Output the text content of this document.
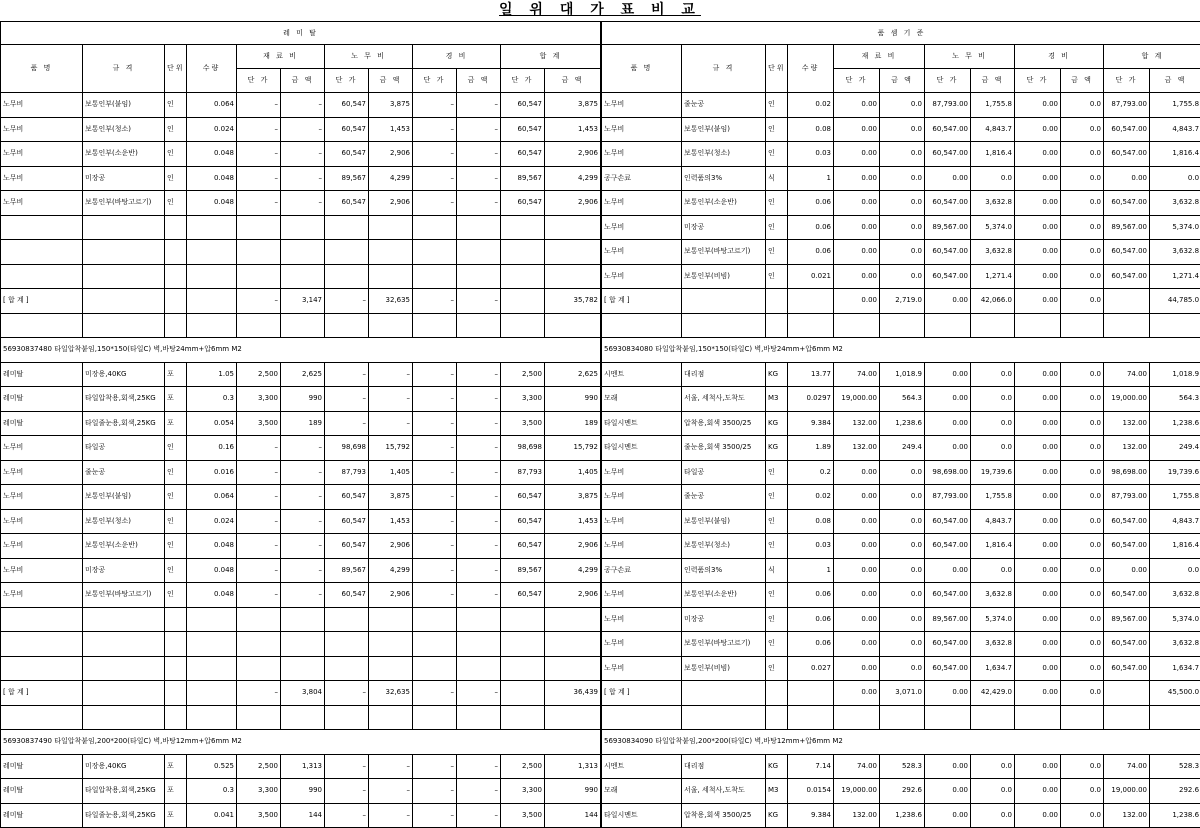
일 위 대 가 표 비 교
레 미 탈											
품 명	규 격	단위	수량	재 료 비		노 무 비		경 비		합 계	
				단 가	금 액	단 가	금 액	단 가	금 액	단 가	금 액
노무비	보통인부(붙임)	인	0.064	–	–	60,547	3,875	–	–	60,547	3,875
노무비	보통인부(청소)	인	0.024	–	–	60,547	1,453	–	–	60,547	1,453
노무비	보통인부(소운반)	인	0.048	–	–	60,547	2,906	–	–	60,547	2,906
노무비	미장공	인	0.048	–	–	89,567	4,299	–	–	89,567	4,299
노무비	보통인부(바탕고르기)	인	0.048	–	–	60,547	2,906	–	–	60,547	2,906

[ 합 계 ]				–	3,147	–	32,635	–	–		35,782

56930837480 타일압착붙임,150*150(타일C) 벽,바탕24mm+압6mm M2											
레미탈	미장용,40KG	포	1.05	2,500	2,625	–	–	–	–	2,500	2,625
레미탈	타일압착용,회색,25KG	포	0.3	3,300	990	–	–	–	–	3,300	990
레미탈	타일줄눈용,회색,25KG	포	0.054	3,500	189	–	–	–	–	3,500	189
노무비	타일공	인	0.16	–	–	98,698	15,792	–	–	98,698	15,792
노무비	줄눈공	인	0.016	–	–	87,793	1,405	–	–	87,793	1,405
노무비	보통인부(붙임)	인	0.064	–	–	60,547	3,875	–	–	60,547	3,875
노무비	보통인부(청소)	인	0.024	–	–	60,547	1,453	–	–	60,547	1,453
노무비	보통인부(소운반)	인	0.048	–	–	60,547	2,906	–	–	60,547	2,906
노무비	미장공	인	0.048	–	–	89,567	4,299	–	–	89,567	4,299
노무비	보통인부(바탕고르기)	인	0.048	–	–	60,547	2,906	–	–	60,547	2,906

[ 합 계 ]				–	3,804	–	32,635	–	–		36,439

56930837490 타일압착붙임,200*200(타일C) 벽,바탕12mm+압6mm M2											
레미탈	미장용,40KG	포	0.525	2,500	1,313	–	–	–	–	2,500	1,313
레미탈	타일압착용,회색,25KG	포	0.3	3,300	990	–	–	–	–	3,300	990
레미탈	타일줄눈용,회색,25KG	포	0.041	3,500	144	–	–	–	–	3,500	144
품 셈 기 준											
품 명	규 격	단위	수량	재 료 비		노 무 비		경 비		합 계	
				단 가	금 액	단 가	금 액	단 가	금 액	단 가	금 액
노무비	줄눈공	인	0.02	0.00	0.0	87,793.00	1,755.8	0.00	0.0	87,793.00	1,755.8
노무비	보통인부(붙임)	인	0.08	0.00	0.0	60,547.00	4,843.7	0.00	0.0	60,547.00	4,843.7
노무비	보통인부(청소)	인	0.03	0.00	0.0	60,547.00	1,816.4	0.00	0.0	60,547.00	1,816.4
공구손료	인력품의3%	식	1	0.00	0.0	0.00	0.0	0.00	0.0	0.00	0.0
노무비	보통인부(소운반)	인	0.06	0.00	0.0	60,547.00	3,632.8	0.00	0.0	60,547.00	3,632.8
노무비	미장공	인	0.06	0.00	0.0	89,567.00	5,374.0	0.00	0.0	89,567.00	5,374.0
노무비	보통인부(바탕고르기)	인	0.06	0.00	0.0	60,547.00	3,632.8	0.00	0.0	60,547.00	3,632.8
노무비	보통인부(비빔)	인	0.021	0.00	0.0	60,547.00	1,271.4	0.00	0.0	60,547.00	1,271.4
[ 합 계 ]				0.00	2,719.0	0.00	42,066.0	0.00	0.0		44,785.0

56930834080 타일압착붙임,150*150(타일C) 벽,바탕24mm+압6mm M2											
시멘트	대리점	KG	13.77	74.00	1,018.9	0.00	0.0	0.00	0.0	74.00	1,018.9
모래	서울, 세척사,도착도	M3	0.0297	19,000.00	564.3	0.00	0.0	0.00	0.0	19,000.00	564.3
타일시멘트	압착용,회색 3500/25	KG	9.384	132.00	1,238.6	0.00	0.0	0.00	0.0	132.00	1,238.6
타일시멘트	줄눈용,회색 3500/25	KG	1.89	132.00	249.4	0.00	0.0	0.00	0.0	132.00	249.4
노무비	타일공	인	0.2	0.00	0.0	98,698.00	19,739.6	0.00	0.0	98,698.00	19,739.6
노무비	줄눈공	인	0.02	0.00	0.0	87,793.00	1,755.8	0.00	0.0	87,793.00	1,755.8
노무비	보통인부(붙임)	인	0.08	0.00	0.0	60,547.00	4,843.7	0.00	0.0	60,547.00	4,843.7
노무비	보통인부(청소)	인	0.03	0.00	0.0	60,547.00	1,816.4	0.00	0.0	60,547.00	1,816.4
공구손료	인력품의3%	식	1	0.00	0.0	0.00	0.0	0.00	0.0	0.00	0.0
노무비	보통인부(소운반)	인	0.06	0.00	0.0	60,547.00	3,632.8	0.00	0.0	60,547.00	3,632.8
노무비	미장공	인	0.06	0.00	0.0	89,567.00	5,374.0	0.00	0.0	89,567.00	5,374.0
노무비	보통인부(바탕고르기)	인	0.06	0.00	0.0	60,547.00	3,632.8	0.00	0.0	60,547.00	3,632.8
노무비	보통인부(비빔)	인	0.027	0.00	0.0	60,547.00	1,634.7	0.00	0.0	60,547.00	1,634.7
[ 합 계 ]				0.00	3,071.0	0.00	42,429.0	0.00	0.0		45,500.0

56930834090 타일압착붙임,200*200(타일C) 벽,바탕12mm+압6mm M2											
시멘트	대리점	KG	7.14	74.00	528.3	0.00	0.0	0.00	0.0	74.00	528.3
모래	서울, 세척사,도착도	M3	0.0154	19,000.00	292.6	0.00	0.0	0.00	0.0	19,000.00	292.6
타일시멘트	압착용,회색 3500/25	KG	9.384	132.00	1,238.6	0.00	0.0	0.00	0.0	132.00	1,238.6
